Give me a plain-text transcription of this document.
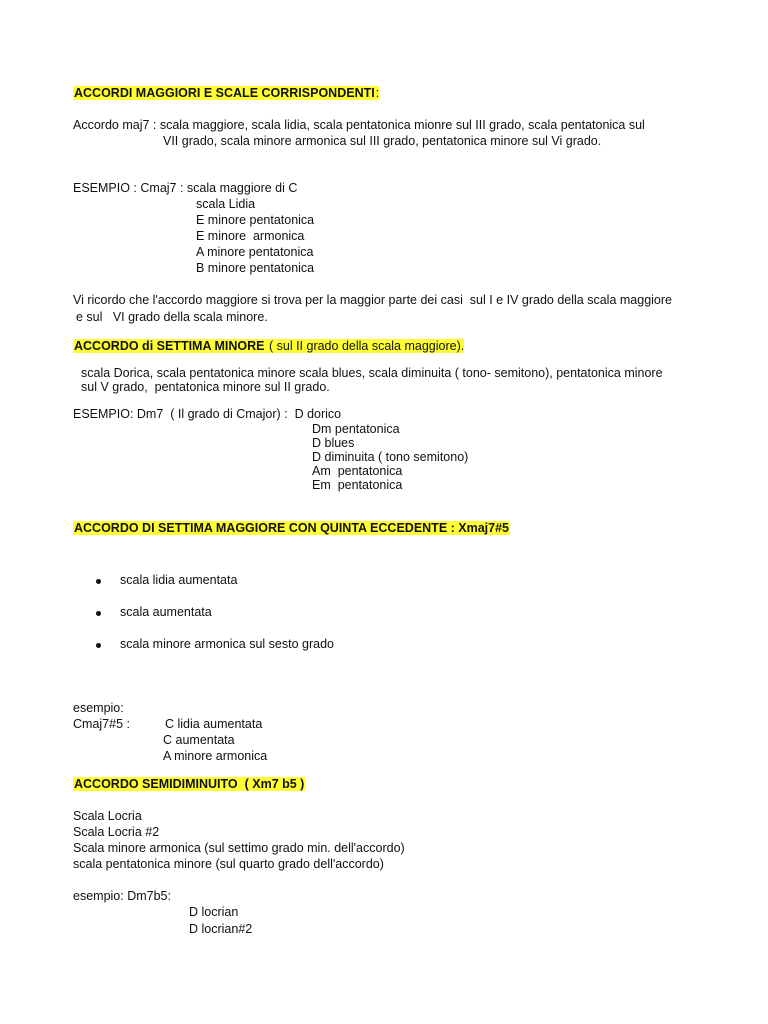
ACCORDI MAGGIORI E SCALE CORRISPONDENTI:
Accordo maj7 : scala maggiore, scala lidia, scala pentatonica mionre sul III grado, scala pentatonica sul
VII grado, scala minore armonica sul III grado, pentatonica minore sul Vi grado.
ESEMPIO : Cmaj7 : scala maggiore di C
scala Lidia
E minore pentatonica
E minore  armonica
A minore pentatonica
B minore pentatonica
Vi ricordo che l'accordo maggiore si trova per la maggior parte dei casi  sul I e IV grado della scala maggiore
e sul   VI grado della scala minore.
ACCORDO di SETTIMA MINORE ( sul II grado della scala maggiore).
scala Dorica, scala pentatonica minore scala blues, scala diminuita ( tono- semitono), pentatonica minore
sul V grado,  pentatonica minore sul II grado.
ESEMPIO: Dm7  ( Il grado di Cmajor) :  D dorico
Dm pentatonica
D blues
D diminuita ( tono semitono)
Am  pentatonica
Em  pentatonica
ACCORDO DI SETTIMA MAGGIORE CON QUINTA ECCEDENTE : Xmaj7#5
scala lidia aumentata
scala aumentata
scala minore armonica sul sesto grado
esempio:
Cmaj7#5 :	C lidia aumentata
C aumentata
A minore armonica
ACCORDO SEMIDIMINUITO  ( Xm7 b5 )
Scala Locria
Scala Locria #2
Scala minore armonica (sul settimo grado min. dell'accordo)
scala pentatonica minore (sul quarto grado dell'accordo)
esempio: Dm7b5:
D locrian
D locrian#2
